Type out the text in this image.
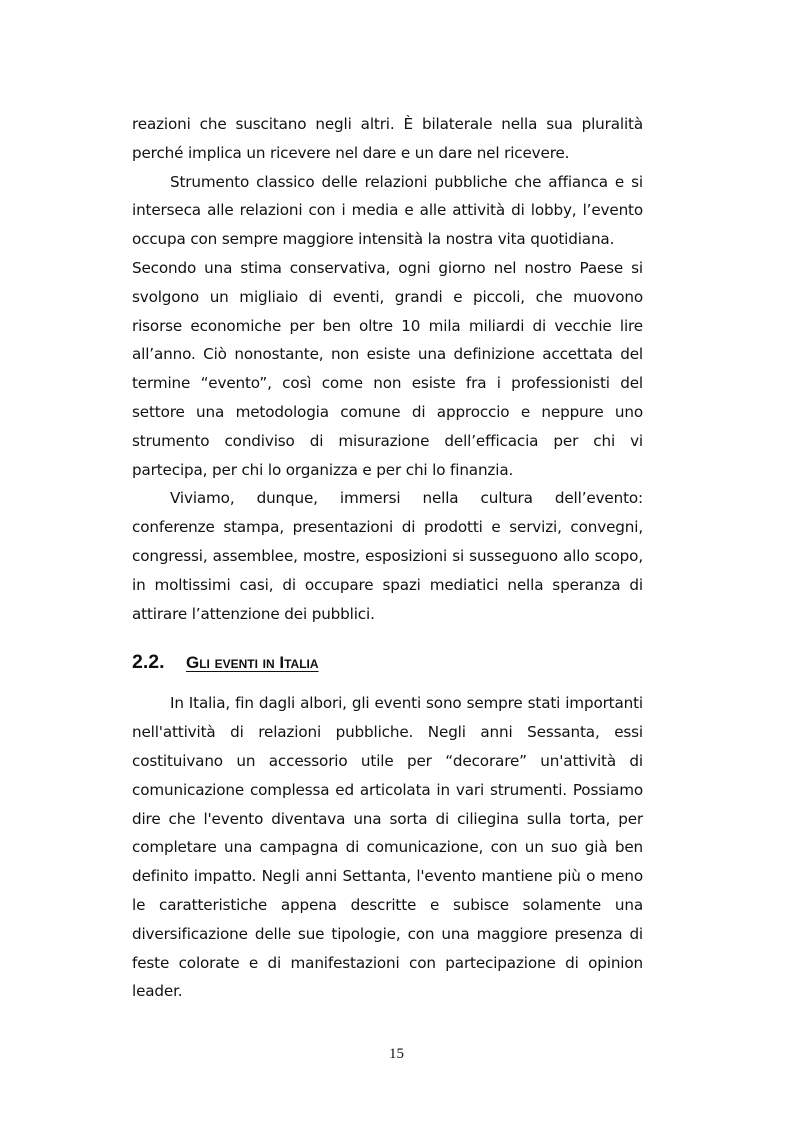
reazioni che suscitano negli altri. È bilaterale nella sua pluralità perché implica un ricevere nel dare e un dare nel ricevere.

Strumento classico delle relazioni pubbliche che affianca e si interseca alle relazioni con i media e alle attività di lobby, l’evento occupa con sempre maggiore intensità la nostra vita quotidiana.

Secondo una stima conservativa, ogni giorno nel nostro Paese si svolgono un migliaio di eventi, grandi e piccoli, che muovono risorse economiche per ben oltre 10 mila miliardi di vecchie lire all’anno. Ciò nonostante, non esiste una definizione accettata del termine “evento”, così come non esiste fra i professionisti del settore una metodologia comune di approccio e neppure uno strumento condiviso di misurazione dell’efficacia per chi vi partecipa, per chi lo organizza e per chi lo finanzia.

Viviamo, dunque, immersi nella cultura dell’evento: conferenze stampa, presentazioni di prodotti e servizi, convegni, congressi, assemblee, mostre, esposizioni si susseguono allo scopo, in moltissimi casi, di occupare spazi mediatici nella speranza di attirare l’attenzione dei pubblici.

2.2.	Gli eventi in Italia

In Italia, fin dagli albori, gli eventi sono sempre stati importanti nell'attività di relazioni pubbliche. Negli anni Sessanta, essi costituivano un accessorio utile per “decorare” un'attività di comunicazione complessa ed articolata in vari strumenti. Possiamo dire che l'evento diventava una sorta di ciliegina sulla torta, per completare una campagna di comunicazione, con un suo già ben definito impatto. Negli anni Settanta, l'evento mantiene più o meno le caratteristiche appena descritte e subisce solamente una diversificazione delle sue tipologie, con una maggiore presenza di feste colorate e di manifestazioni con partecipazione di opinion leader.

15
